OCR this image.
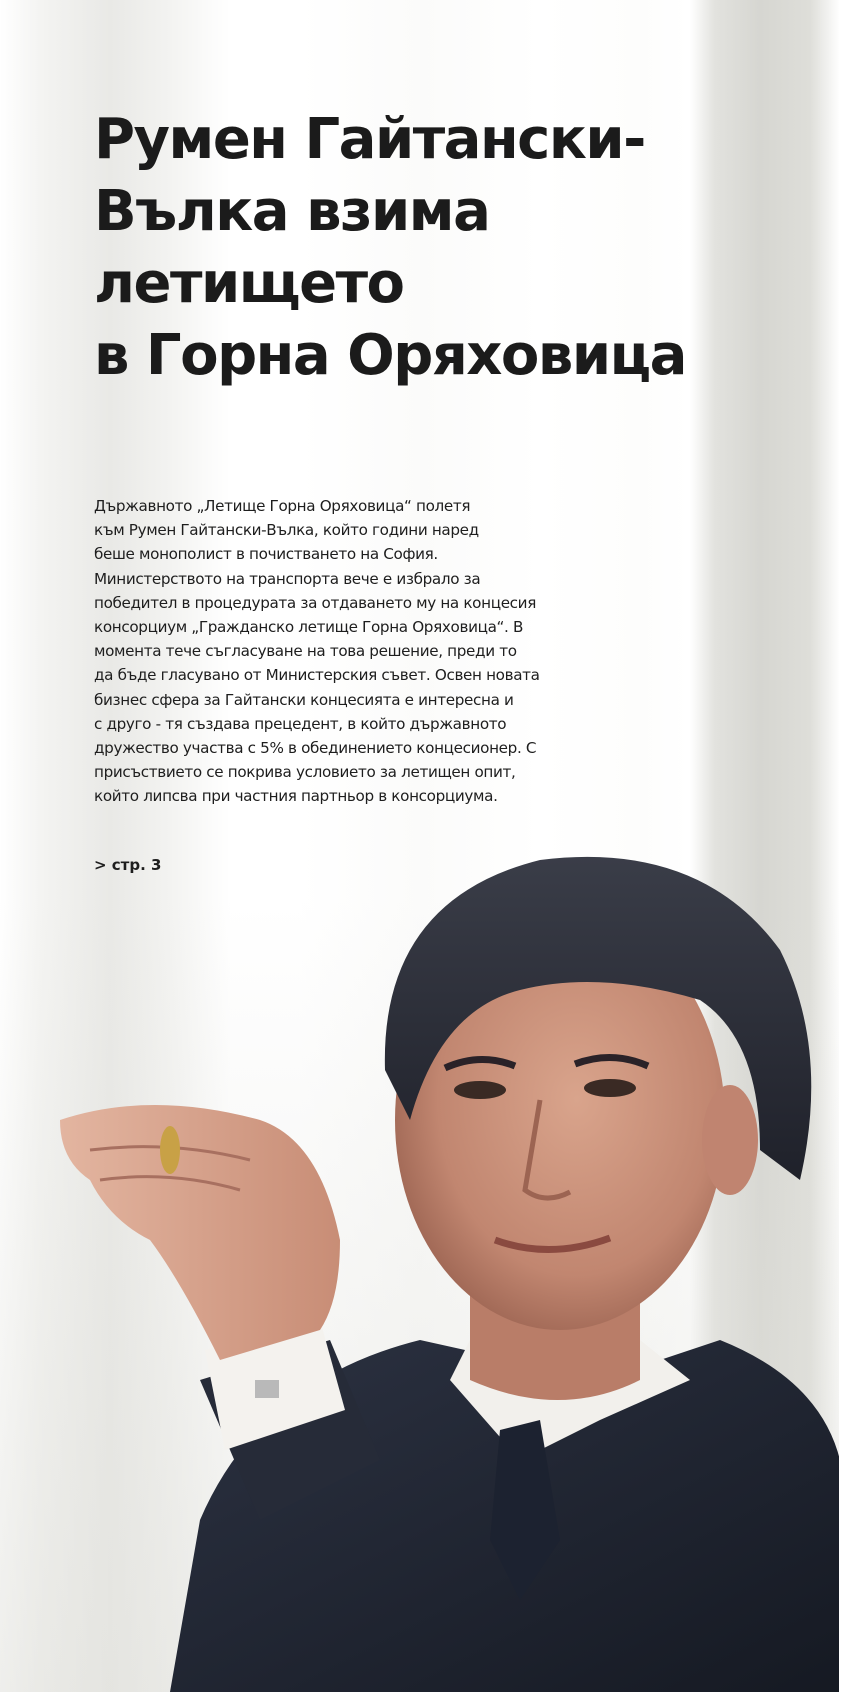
Румен Гайтански-
Вълка взима
летището
в Горна Оряховица

Държавното „Летище Горна Оряховица“ полетя
към Румен Гайтански-Вълка, който години наред
беше монополист в почистването на София.
Министерството на транспорта вече е избрало за
победител в процедурата за отдаването му на концесия
консорциум „Гражданско летище Горна Оряховица“. В
момента тече съгласуване на това решение, преди то
да бъде гласувано от Министерския съвет. Освен новата
бизнес сфера за Гайтански концесията е интересна и
с друго - тя създава прецедент, в който държавното
дружество участва с 5% в обединението концесионер. С
присъствието се покрива условието за летищен опит,
който липсва при частния партньор в консорциума.

> стр. 3
